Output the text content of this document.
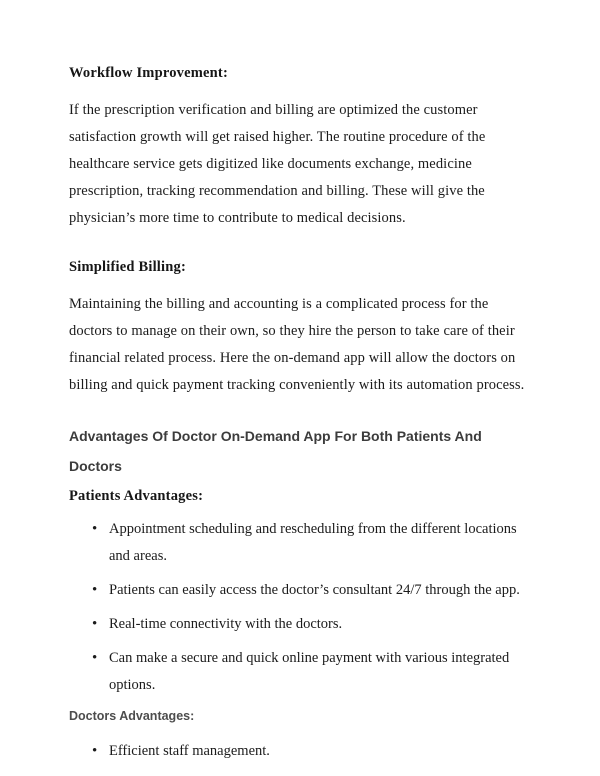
Workflow Improvement:

If the prescription verification and billing are optimized the customer satisfaction growth will get raised higher. The routine procedure of the healthcare service gets digitized like documents exchange, medicine prescription, tracking recommendation and billing. These will give the physician’s more time to contribute to medical decisions.

Simplified Billing:

Maintaining the billing and accounting is a complicated process for the doctors to manage on their own, so they hire the person to take care of their financial related process. Here the on-demand app will allow the doctors on billing and quick payment tracking conveniently with its automation process.

Advantages Of Doctor On-Demand App For Both Patients And Doctors
Patients Advantages:
• Appointment scheduling and rescheduling from the different locations and areas.
• Patients can easily access the doctor’s consultant 24/7 through the app.
• Real-time connectivity with the doctors.
• Can make a secure and quick online payment with various integrated options.
Doctors Advantages:
• Efficient staff management.
